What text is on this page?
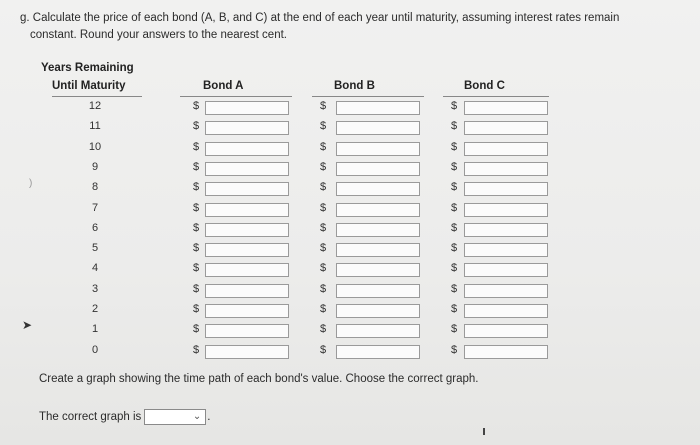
g. Calculate the price of each bond (A, B, and C) at the end of each year until maturity, assuming interest rates remain
constant. Round your answers to the nearest cent.
Years Remaining
Until Maturity	Bond A	Bond B	Bond C
12	$	$	$
11	$	$	$
10	$	$	$
9	$	$	$
8	$	$	$
7	$	$	$
6	$	$	$
5	$	$	$
4	$	$	$
3	$	$	$
2	$	$	$
1	$	$	$
0	$	$	$
)
➤
Create a graph showing the time path of each bond's value. Choose the correct graph.
The correct graph is	⌄ .
